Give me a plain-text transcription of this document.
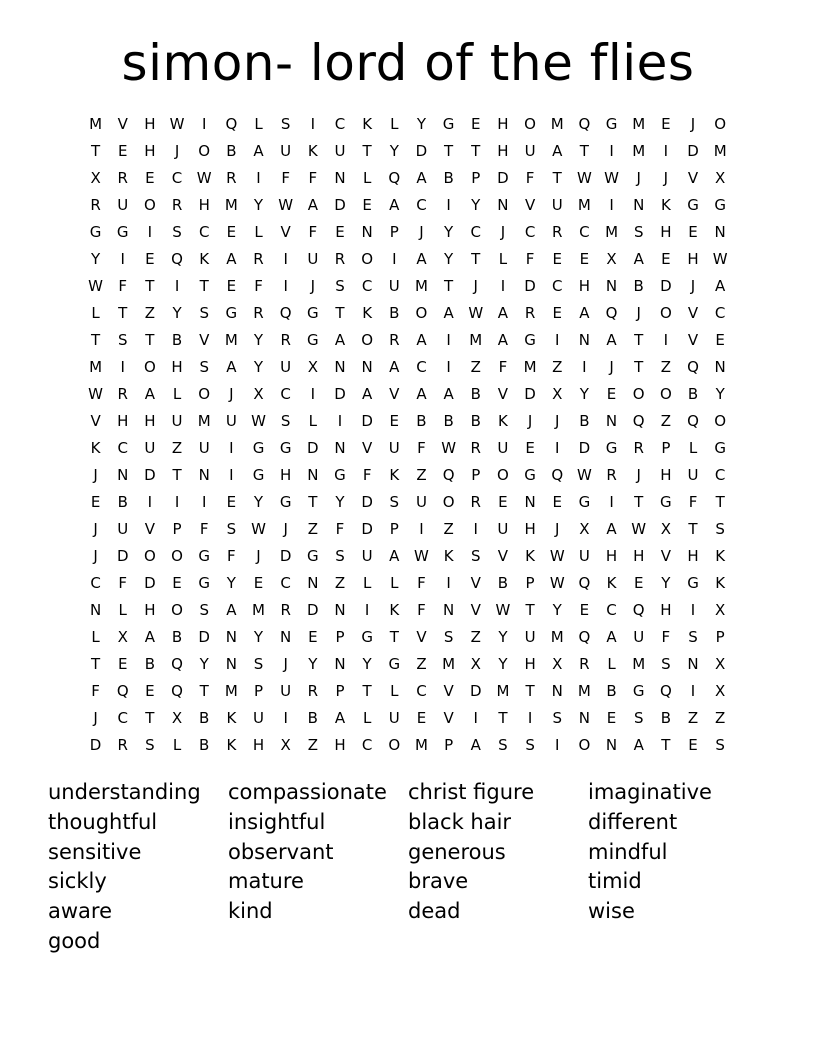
simon- lord of the flies
M	V	H W	I	Q	L	S	I	C	K	L	Y	G	E	H	O M Q	G M	E	J	O
T	E	H	J	O	B	A	U	K	U	T	Y	D	T	T	H	U	A	T	I	M	I	D M
X	R	E	C W R	I	F	F	N	L	Q	A	B	P	D	F	T	W W	J	J	V	X
R	U	O	R	H	M	Y	W A	D	E	A	C	I	Y	N	V	U	M	I	N	K	G	G
G	G	I	S	C	E	L	V	F	E	N	P	J	Y	C	J	C	R	C	M	S	H	E	N
Y	I	E	Q	K	A	R	I	U	R	O	I	A	Y	T	L	F	E	E	X	A	E	H W
W	F	T	I	T	E	F	I	J	S	C	U	M	T	J	I	D	C	H	N	B	D	J	A
L	T	Z	Y	S	G	R	Q	G	T	K	B	O	A W A	R	E	A	Q	J	O	V	C
T	S	T	B	V	M	Y	R	G	A	O	R	A	I	M	A	G	I	N	A	T	I	V	E
M	I	O	H	S	A	Y	U	X	N	N	A	C	I	Z	F	M	Z	I	J	T	Z	Q	N
W R	A	L	O	J	X	C	I	D	A	V	A	A	B	V	D	X	Y	E	O	O	B	Y
V	H	H	U	M	U W S	L	I	D	E	B	B	B	K	J	J	B	N	Q	Z	Q	O
K	C	U	Z	U	I	G	G	D	N	V	U	F	W R	U	E	I	D	G	R	P	L	G
J	N	D	T	N	I	G	H	N	G	F	K	Z	Q	P	O	G	Q W R	J	H	U	C
E	B	I	I	I	E	Y	G	T	Y	D	S	U	O	R	E	N	E	G	I	T	G	F	T
J	U	V	P	F	S W	J	Z	F	D	P	I	Z	I	U	H	J	X	A W X	T	S
J	D	O	O	G	F	J	D	G	S	U	A W K	S	V	K W U	H	H	V	H	K
C	F	D	E	G	Y	E	C	N	Z	L	L	F	I	V	B	P	W Q	K	E	Y	G	K
N	L	H	O	S	A	M	R	D	N	I	K	F	N	V W	T	Y	E	C	Q	H	I	X
L	X	A	B	D	N	Y	N	E	P	G	T	V	S	Z	Y	U	M Q	A	U	F	S	P
T	E	B	Q	Y	N	S	J	Y	N	Y	G	Z	M	X	Y	H	X	R	L	M	S	N	X
F	Q	E	Q	T	M	P	U	R	P	T	L	C	V	D M	T	N	M	B	G	Q	I	X
J	C	T	X	B	K	U	I	B	A	L	U	E	V	I	T	I	S	N	E	S	B	Z	Z
D	R	S	L	B	K	H	X	Z	H	C	O M	P	A	S	S	I	O	N	A	T	E	S
understanding	compassionate	christ figure	imaginative
thoughtful	insightful	black hair	different
sensitive	observant	generous	mindful
sickly	mature	brave	timid
aware	kind	dead	wise
good
